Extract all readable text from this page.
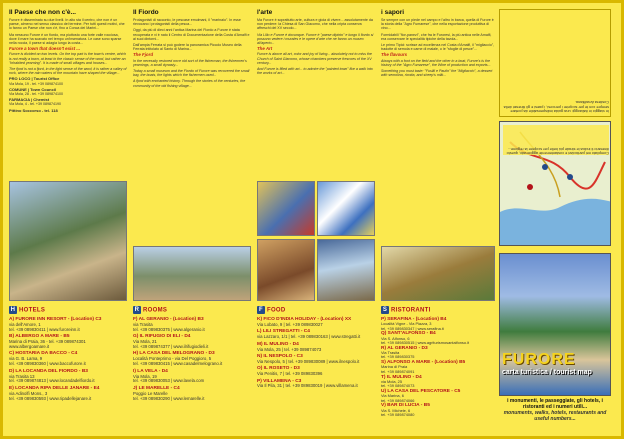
Il Paese che non c'è...

Furore è disseminato su due livelli. In alto sta il centro, che non è un paese, almeno nel senso classico del termine. Per tutti questi motivi, che lo fanno un Paese che non c'è, fino a Conca dei Marini...

Ma nessuno Furore è un fiordo, ma piuttosto una forte valle rocciosa, dove il mare ha scavato nel tempo un'insenatura. Le case sono sparse nella roccia, il paese si adagia lungo la costa...

Furore a town that doesn't exist ...

Furore is divided on two levels. On the top part is the town's centre, which is not really a town, at least in the classic sense of the word, but rather an "inhabited yearning". It is made of small villages and houses...

The fjord is not a fjord, in the light sense of the word, it is rather a valley of rock, where the rain waters of the mountain have shaped the village...

PRO LOCO | Tourist Office
Via Mola, 19 - tel. +39 089874100
COMUNE | Town Council
Via Mola, 28 - tel. +39 089874100
FARMACIA | Chemist
Via Mola, 4 - tel. +39 089874190
Pittino Soccorso - tel. 118
Il Fiordo

Protagonisti di racconto, le pescase emulmani, il "marinaio". In esse rievocano i protagonisti della pesca...

Oggi, da più di dieci anni l'antica Marina del Fiordo a Furore è stata recuperata e vi è nato il Centro di Documentazione della Costa d'Amalfi e ai suoi dintorni...

Dall'ampia Ferrata si può godere la panoramica Piccolo Museo della Ferrata intitolato al Santo di Marina...

The Fjord

In the necessity restored once old sort of the fisherman, the fishermen's yearnings, a small dynasty...

Today a small museum and the Fiordo of Furore was recovered the small bay, the boats, the lights which the fishermen used...

A fjord with enchanted history. Through the stories of the centuries, the community of the old fishing village...

l'arte

Ma Furore è soprattutto arte, cultura e gioia di vivere... assolutamente da non perdere: la Chiesa di San Giacomo, che nella cripta conserva affreschi del XV secolo...

Via Lillo e Furore è dovunque. Furore è "paese dipinto" e lungo il fiordo si possono vedere i murales e le opere d'arte che ne fanno un museo all'aperto...

The Art

Furore is above all art, color and joy of living... absolutely not to miss the Church of Saint Giacomo, whose chambers preserve frescoes of the XV century...

And Furore is filled with art... to admire the "painted town" like a walk into the works of art...

i sapori

Se sempre con un piede nel campo e l'altro in barca, quella di Furore è la storia della "Agro Fumarese", che nella esportazione produttiva di vino...

Formidabili "fior-panezi", che fra le Furoresi, la più antica nelle Amalfi, era conservare le specialità tipiche della tavola...

Le primo Tipici: scrisse ad eccellenza nel Costa d'Amalfi, il "migliaccio", tradotte di semola e carne di maiale, o le "sfoglie di pesce"...

The flavours

Always with a foot on the field and the other in a boat, Furore's is the history of the "Agro Fumarese", the Wine of production and exports...

Something you must taste: "Fusilli e Paulin" the "Migliaccio", a dessert with semolina, ricotta, and sheep's milk...

In viaggio in italiaoggi: una guida indispensabile da portare sempre con te per scoprire i percorsi, i paesi e gli itinerari della Costiera Amalfitana.
Compilato nei particolari e costantemente aggiornato, questo itinerario ti indica le strade più belle per scoprire la regione...
FURORE
carta turistica / tourist map
i monumenti, le passeggiate, gli hotels, i ristoranti ed i numeri utili...
monuments, walks, hotels, restaurants and useful numbers...
H HOTELS
A) FURORE INN RESORT - (Location) C3
via dell'Amore, 1
tel. +39 089830411 | www.furoreinn.it
B) ALBERGO A MARE - B5
Marina di Praia, 36 - tel. +39 089874301
www.albergoamare.it
C) HOSTARIA DA BACCO - C4
via G. B. Lama, 9
tel. +39 089830360 | www.baccofurore.it
D) LA LOCANDA DEL FIORDO - B3
via Trasita 13
tel. +39 089874813 | www.locandadelfiordo.it
E) LOCANDA RIPA DELLE JANARE - E4
via Adinolfi Mons., 3
tel. +39 089830593 | www.ripadellejanare.it
R ROOMS
F) AL GERANIO - (Location) B3
via Trasita
tel. +39 089830375 | www.algeranio.it
G) IL RIFUGIO DI ELI - D4
Via Mola, 21
tel. +39 089874377 | www.ilrifugiodieli.it
H) LA CASA DEL MELOGRANO - D3
Località Ponteprimo - via Del Poggioro, 5
tel. +39 089830415 | www.casadelmelograno.it
I) LA VELA - D4
Via Mola, 19
tel. +39 089830053 | www.lavela.com
J) LE MARELLE - C4
Poggio Le Marelle
tel. +39 089830290 | www.lemarelle.it
F FOOD
K) FICO D'INDIA HOLIDAY - (Location) XX
Via Lobato, 9 | tel. +39 089830027
L) LILI STREGATTI - C4
via Lazzaro, 1/1 | tel. +39 089830163 | www.stregatti.it
M) IL MULINO - D4
Via Mola, 25 | tel. +39 089874073
N) IL NESPOLO - C3
Via Nespolo, 5 | tel. +39 089830089 | www.ilnespolo.it
O) IL ROSETO - D3
Via Penitis, 7 | tel. +39 089830396
P) VILLAMENA - C3
Via Il Pila, 31 | tel. +39 089830019 | www.villamena.it
S RISTORANTI
P) SERAFINA - (Location) B4
Località Vigne - Via Piazza, 3
tel. +39 089830347 | www.serafina.it
Q) SANT'ALFONSO - B4
Via S. Alfonso, 6
tel. +39 089830515 | www.agriturismosantalfonso.it
R) AL GERANIO - D3
Via Trasita
tel. +39 089830375
S) ALFONSO A MARE - (Location) B5
Marina di Praia
tel. +39 089874091
T) IL MULINO - D4
via Mola, 25
tel. +39 089874073
U) LA CASA DEL PESCATORE - C5
Via Marina, 6
tel. +39 089874066
V) BAR DI LUCIA - B5
Via S. Michele, 6
tel. +39 089874080
